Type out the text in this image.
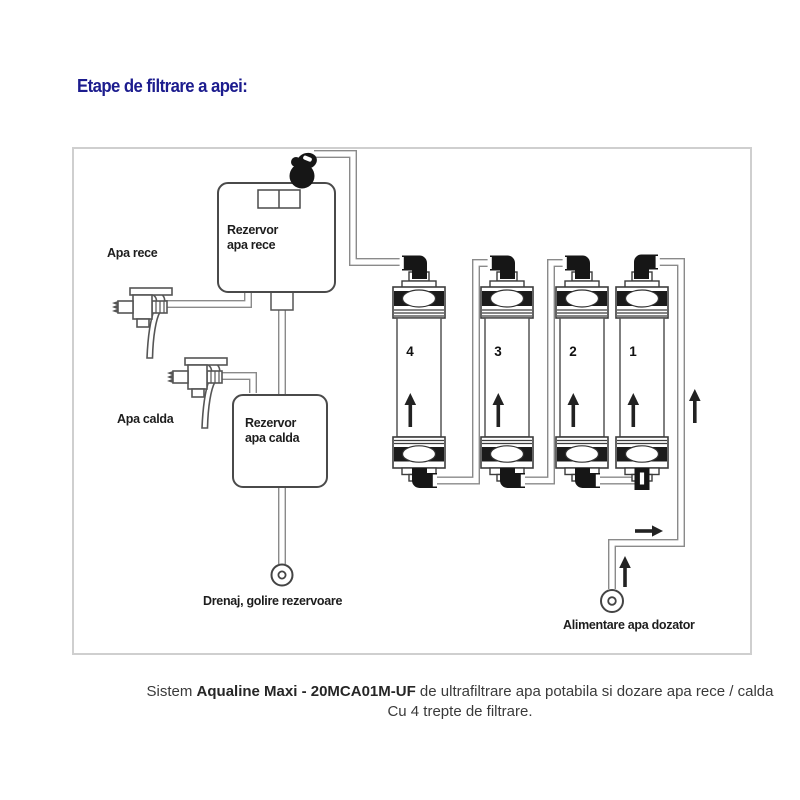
Etape de filtrare a apei:
Apa rece
Apa calda
Rezervor
apa rece
Rezervor
apa calda
Drenaj, golire rezervoare
Alimentare apa dozator
4	3	2	1
Sistem Aqualine Maxi - 20MCA01M-UF de ultrafiltrare apa potabila si dozare apa rece / calda
Cu 4 trepte de filtrare.
